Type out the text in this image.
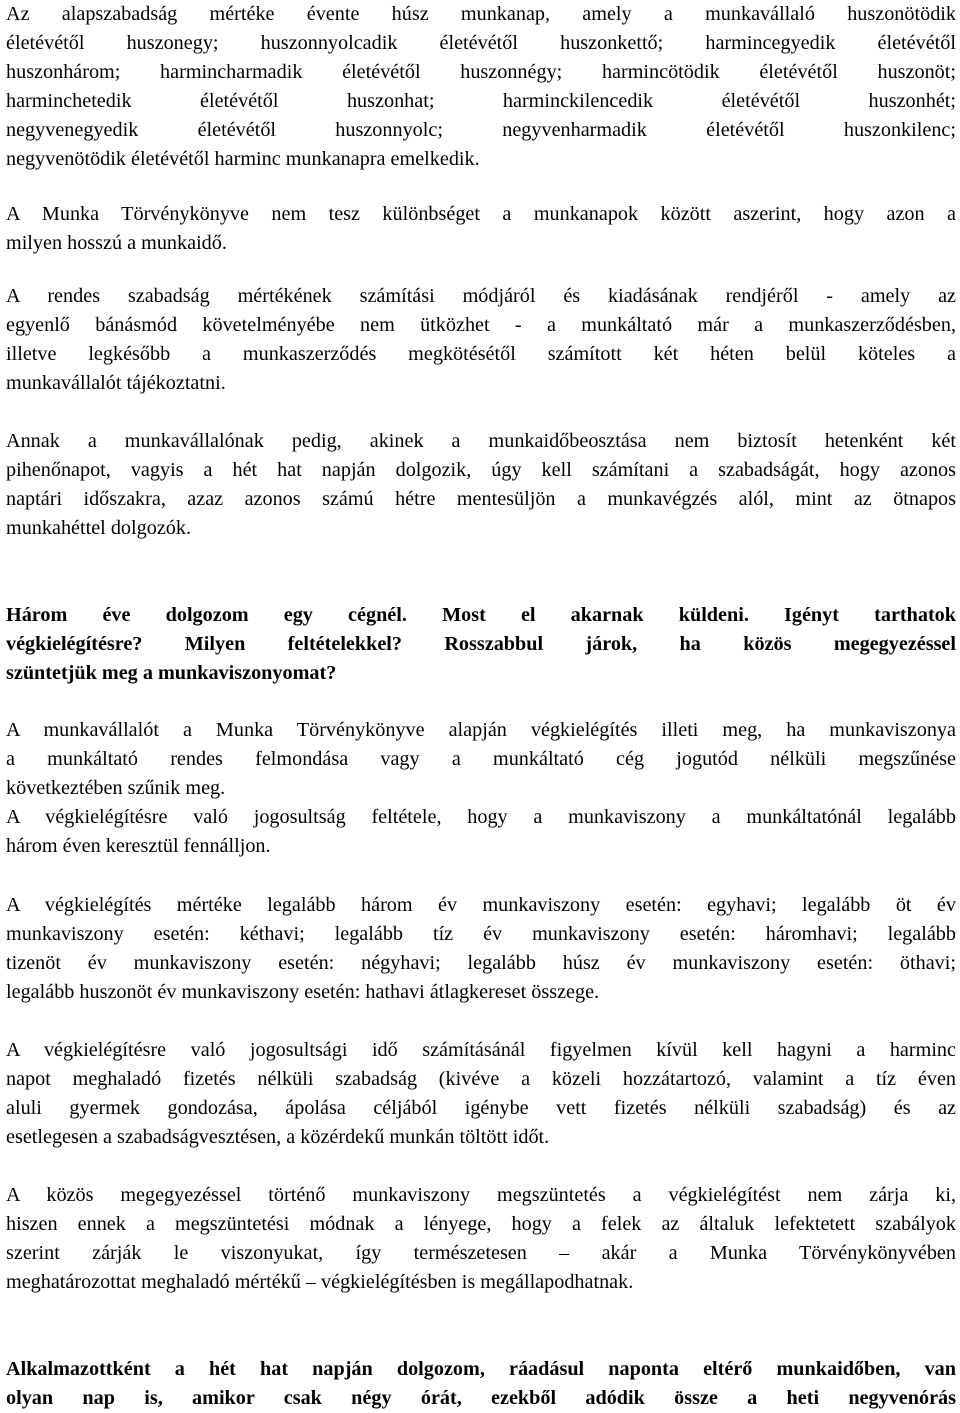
Az alapszabadság mértéke évente húsz munkanap, amely a munkavállaló huszonötödik
életévétől huszonegy; huszonnyolcadik életévétől huszonkettő; harmincegyedik életévétől
huszonhárom; harmincharmadik életévétől huszonnégy; harmincötödik életévétől huszonöt;
harminchetedik életévétől huszonhat; harminckilencedik életévétől huszonhét;
negyvenegyedik életévétől huszonnyolc; negyvenharmadik életévétől huszonkilenc;
negyvenötödik életévétől harminc munkanapra emelkedik.
A Munka Törvénykönyve nem tesz különbséget a munkanapok között aszerint, hogy azon a
milyen hosszú a munkaidő.
A rendes szabadság mértékének számítási módjáról és kiadásának rendjéről - amely az
egyenlő bánásmód követelményébe nem ütközhet - a munkáltató már a munkaszerződésben,
illetve legkésőbb a munkaszerződés megkötésétől számított két héten belül köteles a
munkavállalót tájékoztatni.
Annak a munkavállalónak pedig, akinek a munkaidőbeosztása nem biztosít hetenként két
pihenőnapot, vagyis a hét hat napján dolgozik, úgy kell számítani a szabadságát, hogy azonos
naptári időszakra, azaz azonos számú hétre mentesüljön a munkavégzés alól, mint az ötnapos
munkahéttel dolgozók.
Három éve dolgozom egy cégnél. Most el akarnak küldeni. Igényt tarthatok
végkielégítésre? Milyen feltételekkel? Rosszabbul járok, ha közös megegyezéssel
szüntetjük meg a munkaviszonyomat?
A munkavállalót a Munka Törvénykönyve alapján végkielégítés illeti meg, ha munkaviszonya
a munkáltató rendes felmondása vagy a munkáltató cég jogutód nélküli megszűnése
következtében szűnik meg.
A végkielégítésre való jogosultság feltétele, hogy a munkaviszony a munkáltatónál legalább
három éven keresztül fennálljon.
A végkielégítés mértéke legalább három év munkaviszony esetén: egyhavi; legalább öt év
munkaviszony esetén: kéthavi; legalább tíz év munkaviszony esetén: háromhavi; legalább
tizenöt év munkaviszony esetén: négyhavi; legalább húsz év munkaviszony esetén: öthavi;
legalább huszonöt év munkaviszony esetén: hathavi átlagkereset összege.
A végkielégítésre való jogosultsági idő számításánál figyelmen kívül kell hagyni a harminc
napot meghaladó fizetés nélküli szabadság (kivéve a közeli hozzátartozó, valamint a tíz éven
aluli gyermek gondozása, ápolása céljából igénybe vett fizetés nélküli szabadság) és az
esetlegesen a szabadságvesztésen, a közérdekű munkán töltött időt.
A közös megegyezéssel történő munkaviszony megszüntetés a végkielégítést nem zárja ki,
hiszen ennek a megszüntetési módnak a lényege, hogy a felek az általuk lefektetett szabályok
szerint zárják le viszonyukat, így természetesen – akár a Munka Törvénykönyvében
meghatározottat meghaladó mértékű – végkielégítésben is megállapodhatnak.
Alkalmazottként a hét hat napján dolgozom, ráadásul naponta eltérő munkaidőben, van
olyan nap is, amikor csak négy órát, ezekből adódik össze a heti negyvenórás
